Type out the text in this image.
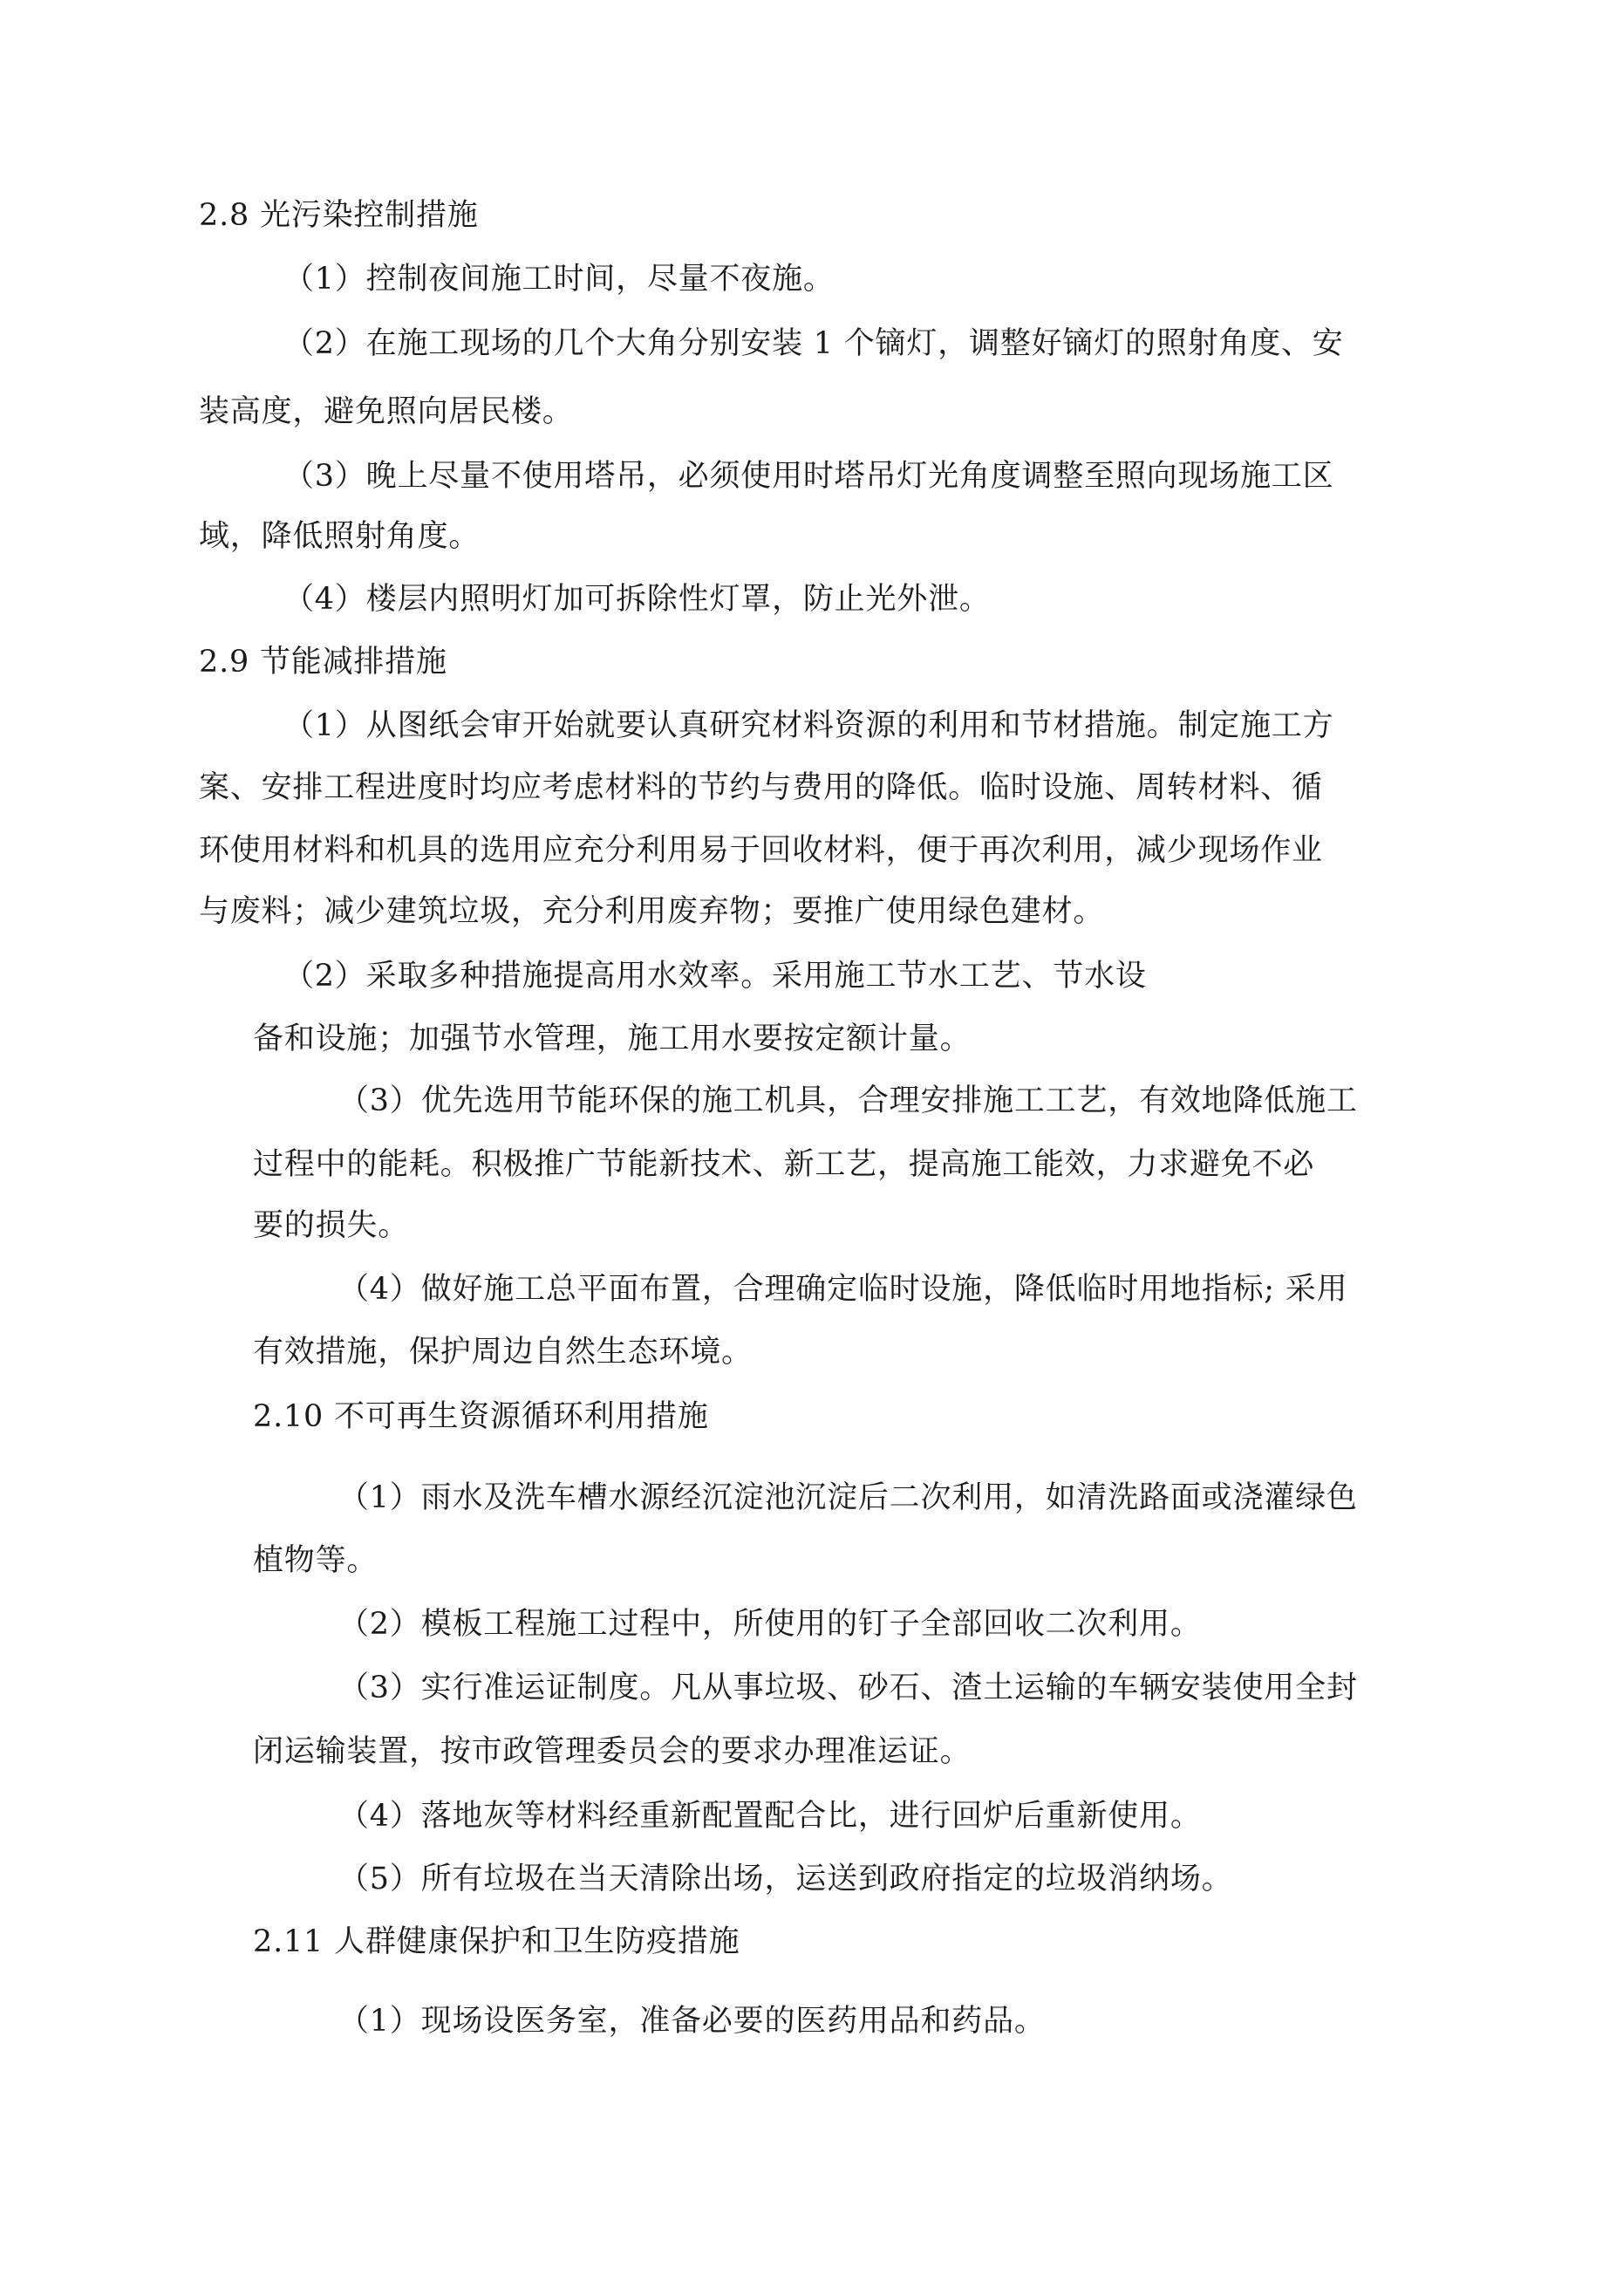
2.8 光污染控制措施

（1）控制夜间施工时间，尽量不夜施。

（2）在施工现场的几个大角分别安装 1 个镝灯，调整好镝灯的照射角度、安

装高度，避免照向居民楼。

（3）晚上尽量不使用塔吊，必须使用时塔吊灯光角度调整至照向现场施工区

域，降低照射角度。

（4）楼层内照明灯加可拆除性灯罩，防止光外泄。

2.9 节能减排措施

（1）从图纸会审开始就要认真研究材料资源的利用和节材措施。制定施工方

案、安排工程进度时均应考虑材料的节约与费用的降低。临时设施、周转材料、循

环使用材料和机具的选用应充分利用易于回收材料，便于再次利用，减少现场作业

与废料；减少建筑垃圾，充分利用废弃物；要推广使用绿色建材。

（2）采取多种措施提高用水效率。采用施工节水工艺、节水设

备和设施；加强节水管理，施工用水要按定额计量。

（3）优先选用节能环保的施工机具，合理安排施工工艺，有效地降低施工

过程中的能耗。积极推广节能新技术、新工艺，提高施工能效，力求避免不必

要的损失。

（4）做好施工总平面布置，合理确定临时设施，降低临时用地指标; 采用

有效措施，保护周边自然生态环境。

2.10 不可再生资源循环利用措施

（1）雨水及洗车槽水源经沉淀池沉淀后二次利用，如清洗路面或浇灌绿色

植物等。

（2）模板工程施工过程中，所使用的钉子全部回收二次利用。

（3）实行准运证制度。凡从事垃圾、砂石、渣土运输的车辆安装使用全封

闭运输装置，按市政管理委员会的要求办理准运证。

（4）落地灰等材料经重新配置配合比，进行回炉后重新使用。

（5）所有垃圾在当天清除出场，运送到政府指定的垃圾消纳场。

2.11 人群健康保护和卫生防疫措施

（1）现场设医务室，准备必要的医药用品和药品。
